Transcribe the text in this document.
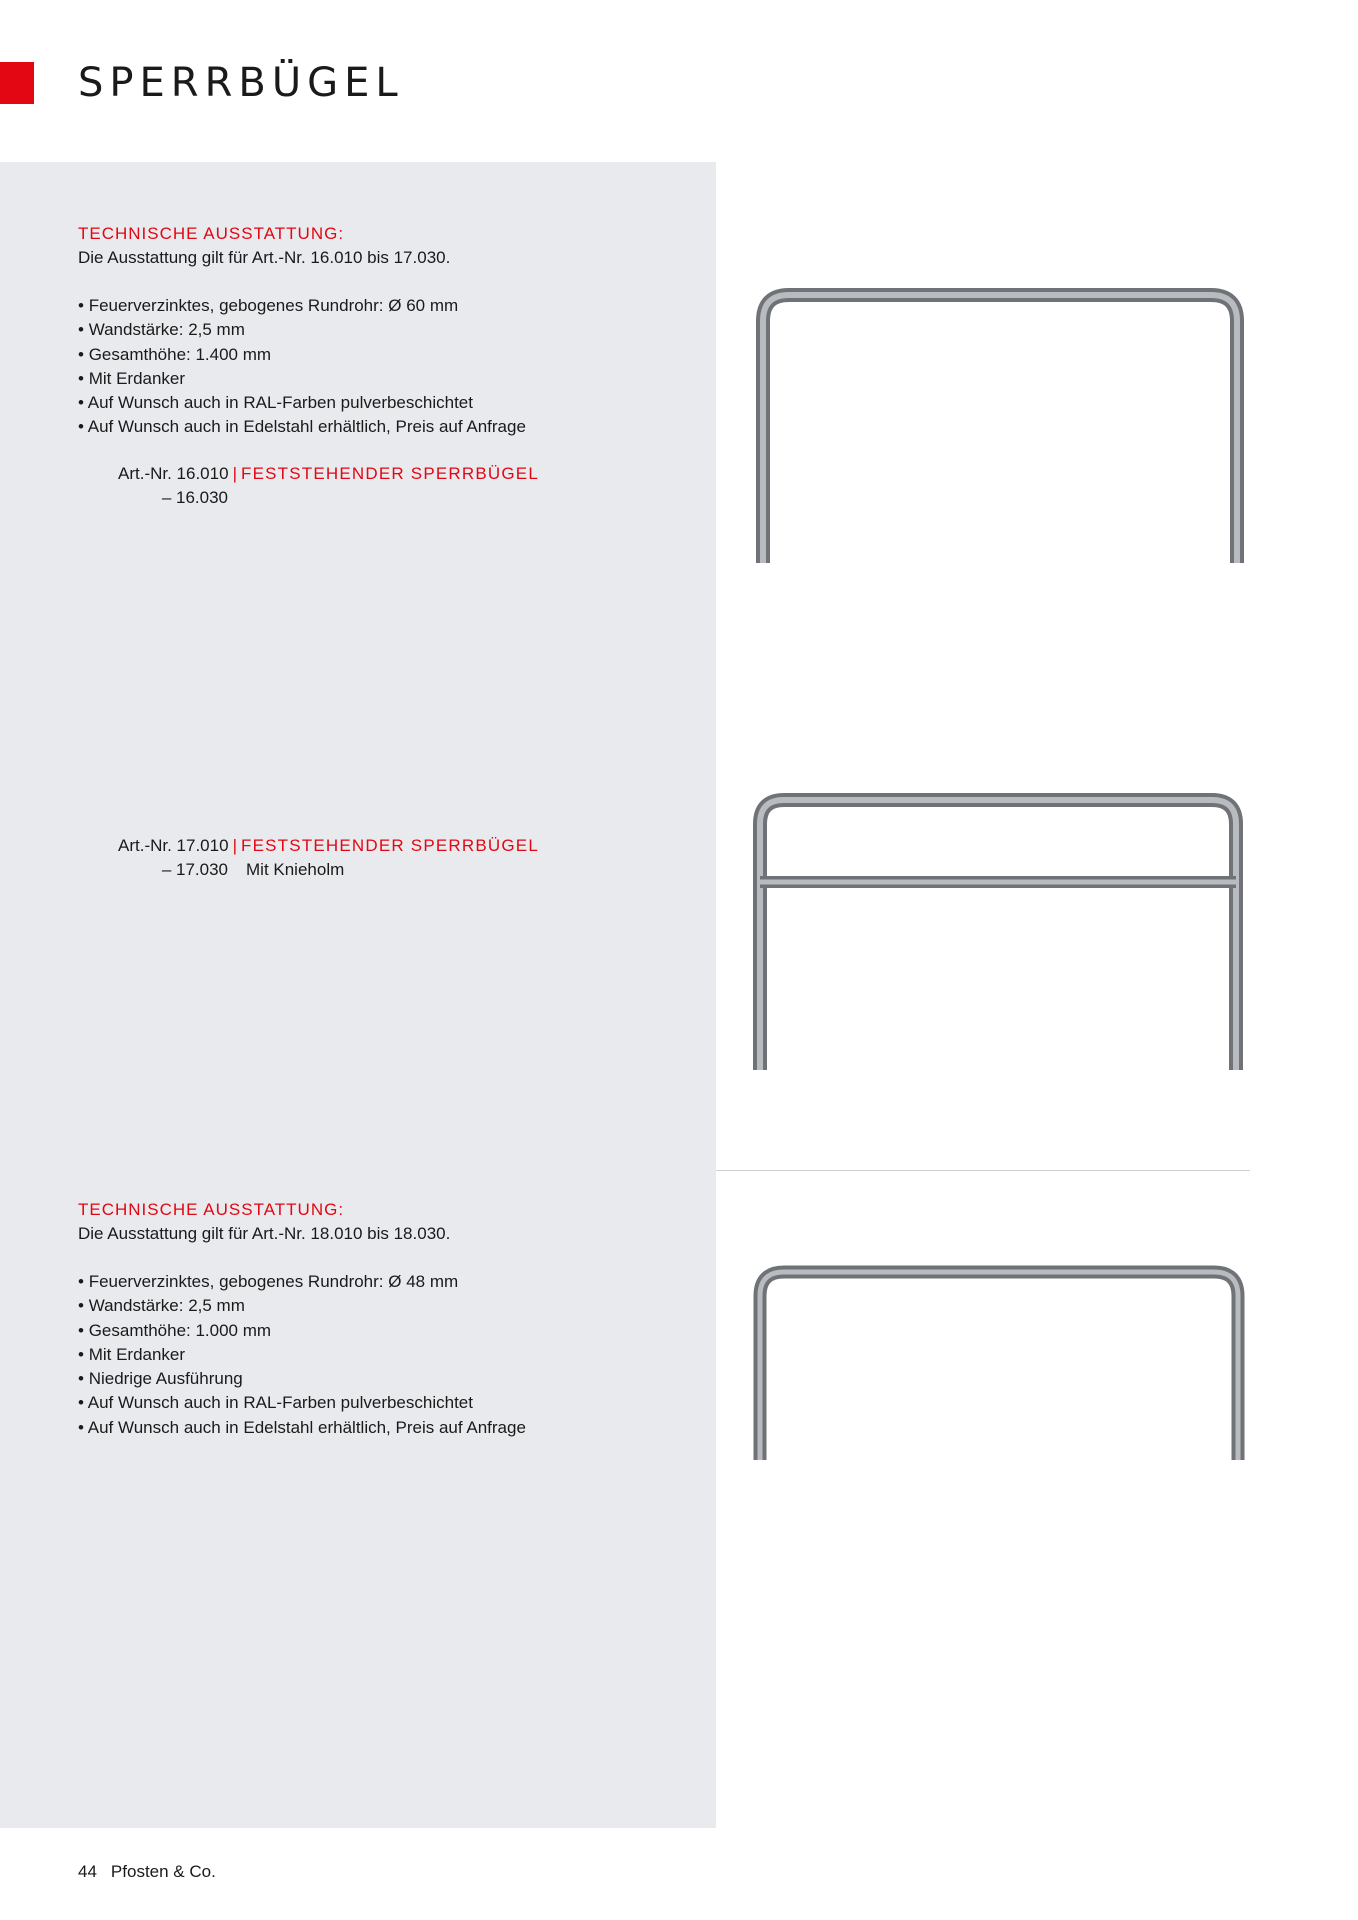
SPERRBÜGEL
TECHNISCHE AUSSTATTUNG:
Die Ausstattung gilt für Art.-Nr. 16.010 bis 17.030.
• Feuerverzinktes, gebogenes Rundrohr: Ø 60 mm
• Wandstärke: 2,5 mm
• Gesamthöhe: 1.400 mm
• Mit Erdanker
• Auf Wunsch auch in RAL-Farben pulverbeschichtet
• Auf Wunsch auch in Edelstahl erhältlich, Preis auf Anfrage
Art.-Nr. 16.010 | FESTSTEHENDER SPERRBÜGEL
– 16.030
Art.-Nr. 17.010 | FESTSTEHENDER SPERRBÜGEL
– 17.030 Mit Knieholm
TECHNISCHE AUSSTATTUNG:
Die Ausstattung gilt für Art.-Nr. 18.010 bis 18.030.
• Feuerverzinktes, gebogenes Rundrohr: Ø 48 mm
• Wandstärke: 2,5 mm
• Gesamthöhe: 1.000 mm
• Mit Erdanker
• Niedrige Ausführung
• Auf Wunsch auch in RAL-Farben pulverbeschichtet
• Auf Wunsch auch in Edelstahl erhältlich, Preis auf Anfrage
44 Pfosten & Co.
